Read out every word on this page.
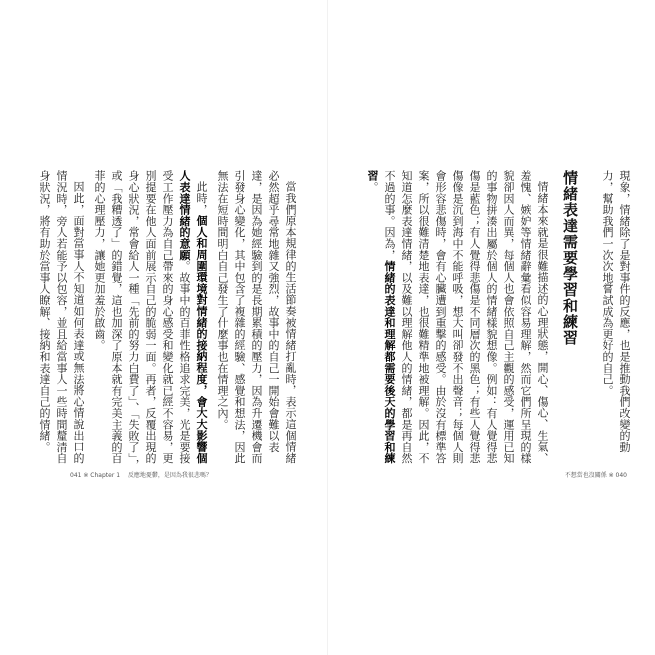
當我們原本規律的生活節奏被情緒打亂時，表示這個情緒必然超乎尋常地雜又強烈，故事中的自己一開始會難以表達，是因為她經驗到的是長期累積的壓力，因為升遷機會而引發身心變化，其中包含了複雜的經驗、感覺和想法，因此無法在短時間明白自己發生了什麼事也在情理之內。

此時，個人和周圍環境對情緒的接納程度，會大大影響個人表達情緒的意願。故事中的百菲性格追求完美，光是要接受工作壓力為自己帶來的身心感受和變化就已經不容易，更別提要在他人面前展示自己的脆弱一面。再者，反覆出現的身心狀況，常會給人一種「先前的努力白費了」、「失敗了」，或「我糟透了」的錯覺，這也加深了原本就有完美主義的百菲的心理壓力，讓她更加羞於啟齒。

因此，面對當事人不知道如何表達或無法將心情說出口的情況時，旁人若能予以包容，並且給當事人一些時間釐清自身狀況，將有助於當事人瞭解、接納和表達自己的情緒。

041 ※ Chapter 1 　反應地憂鬱，是因為我很悲嗎？

現象，情緒除了是對事件的反應，也是推動我們改變的動力，幫助我們一次次地嘗試成為更好的自己。

情緒表達需要學習和練習

情緒本來就是很難描述的心理狀態，開心、傷心、生氣、羞愧、嫉妒等情緒辭彙看似容易理解，然而它們所呈現的樣貌卻因人而異，每個人也會依照自己主觀的感受，運用已知的事物拼湊出屬於個人的情緒樣貌想像。例如：有人覺得悲傷是藍色；有人覺得悲傷是不同層次的黑色；有些人覺得悲傷像是沉到海中不能呼吸，想大叫卻發不出聲音；每個人則會形容悲傷時，會有心臟遭到重擊的感受。由於沒有標準答案，所以很難清楚地表達，也很難精準地被理解。因此，不知道怎麼表達情緒，以及難以理解他人的情緒，都是再自然不過的事。因為，情緒的表達和理解都需要後天的學習和練習。

不想當也沒關係 ※ 040
